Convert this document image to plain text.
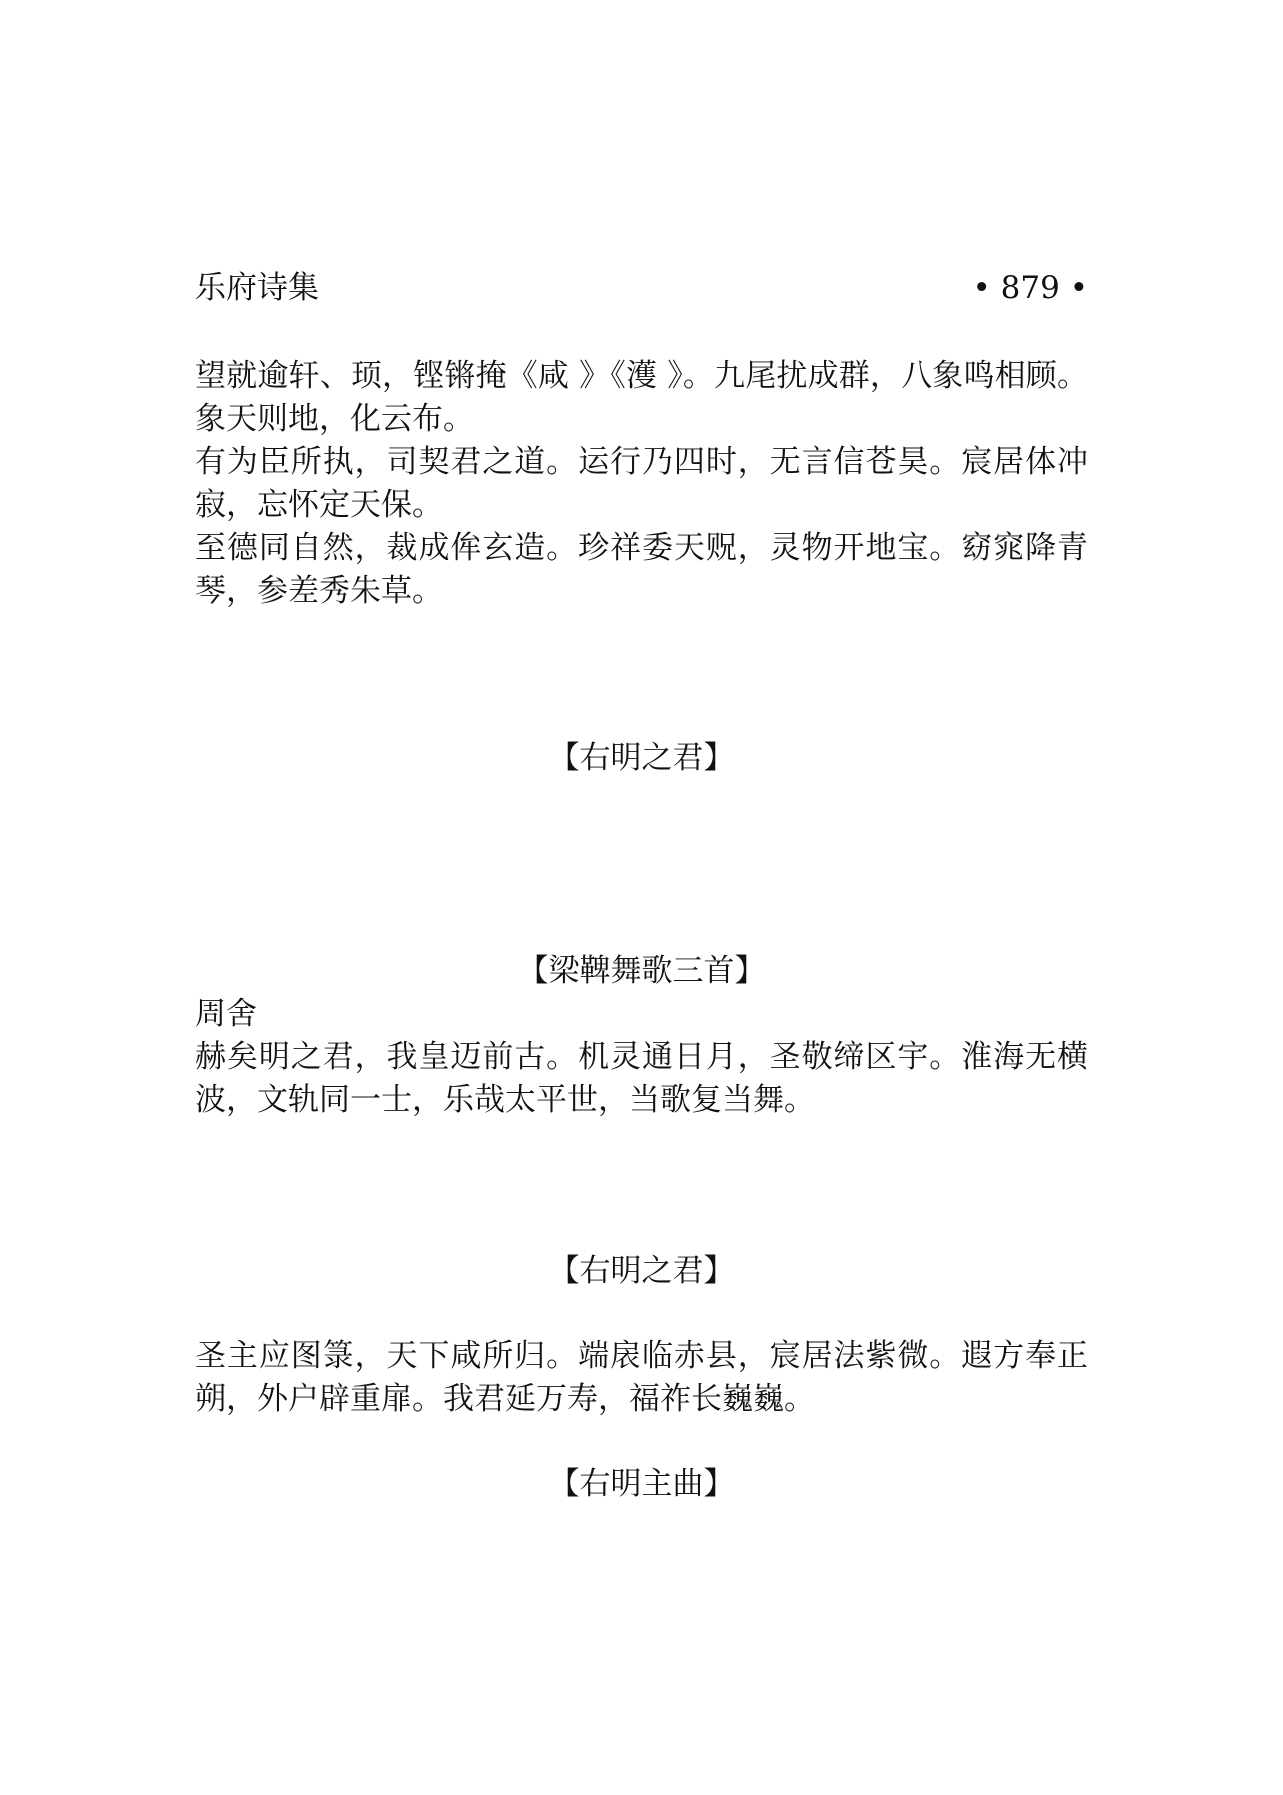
乐府诗集	• 879 •

望就逾轩、顼，铿锵掩《咸 》《濩 》。九尾扰成群，八象鸣相顾。象天则地，化云布。

有为臣所执，司契君之道。运行乃四时，无言信苍昊。宸居体冲寂，忘怀定天保。

至德同自然，裁成侔玄造。珍祥委天贶，灵物开地宝。窈窕降青琴，参差秀朱草。

【右明之君】

【梁鞞舞歌三首】

周舍

赫矣明之君，我皇迈前古。机灵通日月，圣敬缔区宇。淮海无横波，文轨同一士，乐哉太平世，当歌复当舞。

【右明之君】

圣主应图箓，天下咸所归。端扆临赤县，宸居法紫微。遐方奉正朔，外户辟重扉。我君延万寿，福祚长巍巍。

【右明主曲】
